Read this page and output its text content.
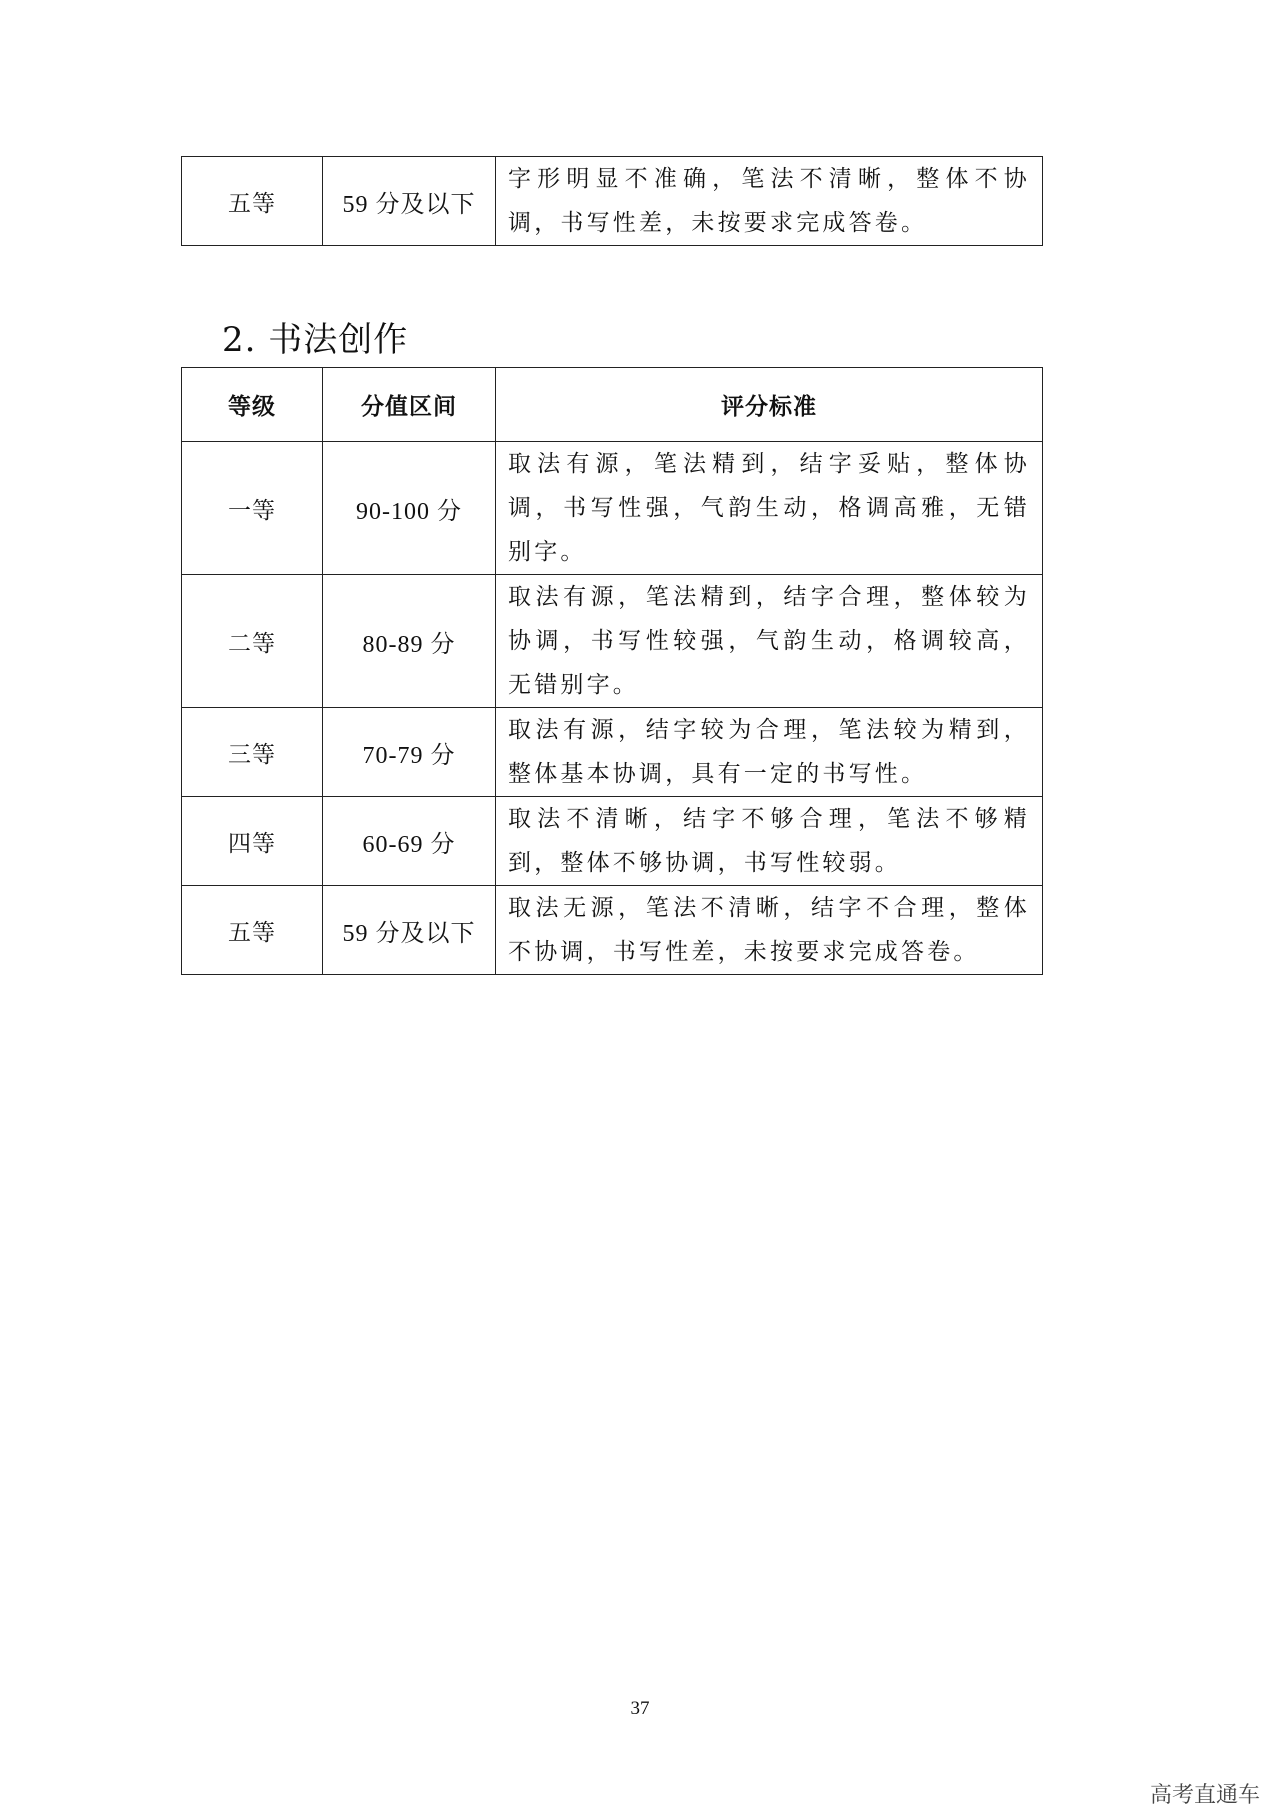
五等	59 分及以下	字形明显不准确，笔法不清晰，整体不协调，书写性差，未按要求完成答卷。
2. 书法创作
等级	分值区间	评分标准
一等	90-100 分	取法有源，笔法精到，结字妥贴，整体协调，书写性强，气韵生动，格调高雅，无错别字。
二等	80-89 分	取法有源，笔法精到，结字合理，整体较为协调，书写性较强，气韵生动，格调较高，无错别字。
三等	70-79 分	取法有源，结字较为合理，笔法较为精到，整体基本协调，具有一定的书写性。
四等	60-69 分	取法不清晰，结字不够合理，笔法不够精到，整体不够协调，书写性较弱。
五等	59 分及以下	取法无源，笔法不清晰，结字不合理，整体不协调，书写性差，未按要求完成答卷。
37
高考直通车
